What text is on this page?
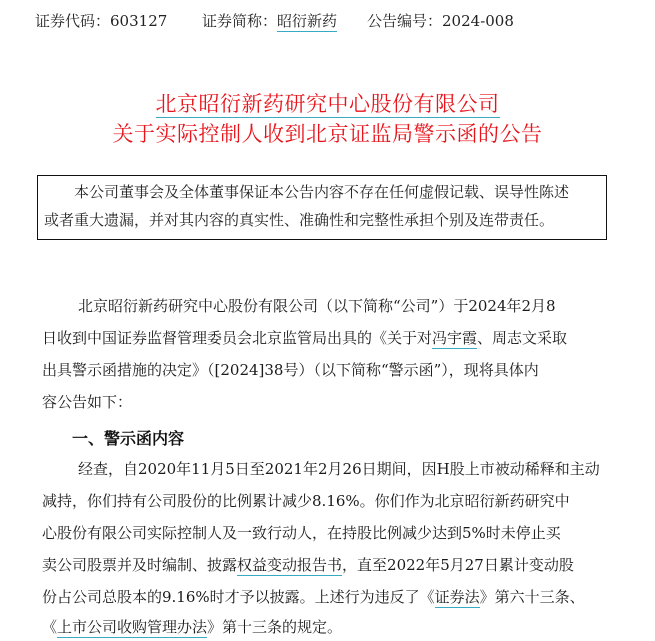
证券代码：603127 证券简称：昭衍新药 公告编号：2024-008
北京昭衍新药研究中心股份有限公司
关于实际控制人收到北京证监局警示函的公告

本公司董事会及全体董事保证本公告内容不存在任何虚假记载、误导性陈述

或者重大遗漏，并对其内容的真实性、准确性和完整性承担个别及连带责任。

北京昭衍新药研究中心股份有限公司（以下简称“公司”）于2024年2月8
日收到中国证券监督管理委员会北京监管局出具的《关于对冯宇霞、周志文采取
出具警示函措施的决定》（[2024]38号）（以下简称“警示函”），现将具体内
容公告如下：
一、警示函内容
经查，自2020年11月5日至2021年2月26日期间，因H股上市被动稀释和主动
减持，你们持有公司股份的比例累计减少8.16%。你们作为北京昭衍新药研究中
心股份有限公司实际控制人及一致行动人，在持股比例减少达到5%时未停止买
卖公司股票并及时编制、披露权益变动报告书，直至2022年5月27日累计变动股
份占公司总股本的9.16%时才予以披露。上述行为违反了《证券法》第六十三条、
《上市公司收购管理办法》第十三条的规定。
